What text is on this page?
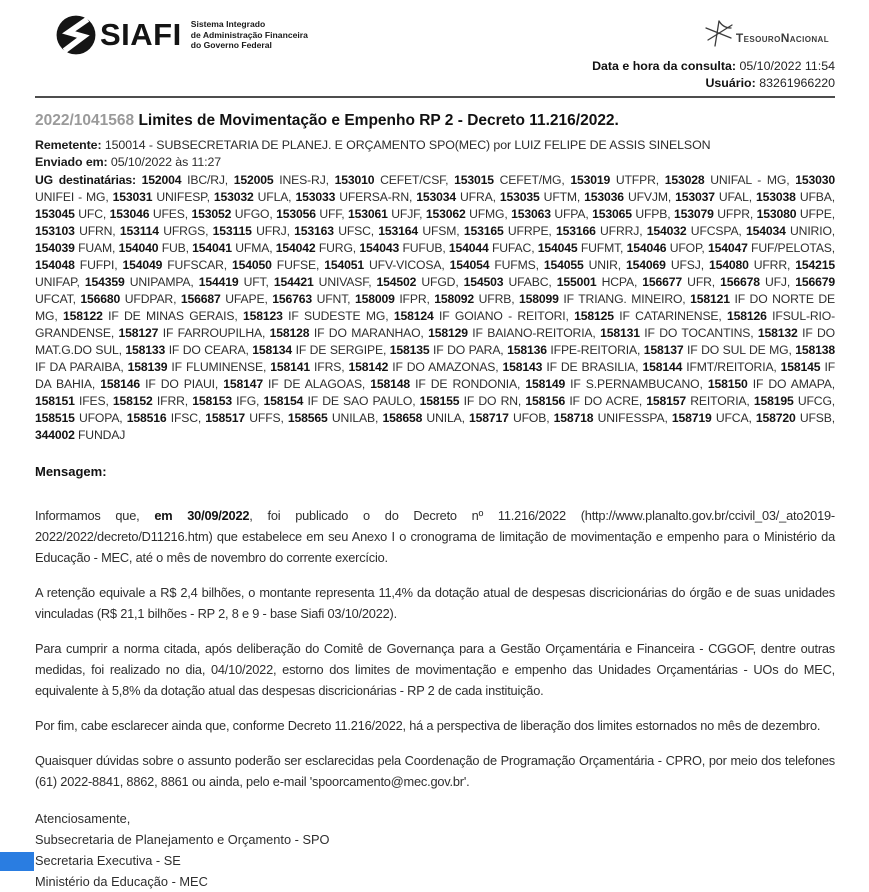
SIAFI Sistema Integrado
de Administração Financeira
do Governo Federal
TesouroNacional
Data e hora da consulta: 05/10/2022 11:54
Usuário: 83261966220
2022/1041568 Limites de Movimentação e Empenho RP 2 - Decreto 11.216/2022.

Remetente: 150014 - SUBSECRETARIA DE PLANEJ. E ORÇAMENTO SPO(MEC) por LUIZ FELIPE DE ASSIS SINELSON

Enviado em: 05/10/2022 às 11:27

UG destinatárias: 152004 IBC/RJ, 152005 INES-RJ, 153010 CEFET/CSF, 153015 CEFET/MG, 153019 UTFPR, 153028 UNIFAL - MG, 153030 UNIFEI - MG, 153031 UNIFESP, 153032 UFLA, 153033 UFERSA-RN, 153034 UFRA, 153035 UFTM, 153036 UFVJM, 153037 UFAL, 153038 UFBA, 153045 UFC, 153046 UFES, 153052 UFGO, 153056 UFF, 153061 UFJF, 153062 UFMG, 153063 UFPA, 153065 UFPB, 153079 UFPR, 153080 UFPE, 153103 UFRN, 153114 UFRGS, 153115 UFRJ, 153163 UFSC, 153164 UFSM, 153165 UFRPE, 153166 UFRRJ, 154032 UFCSPA, 154034 UNIRIO, 154039 FUAM, 154040 FUB, 154041 UFMA, 154042 FURG, 154043 FUFUB, 154044 FUFAC, 154045 FUFMT, 154046 UFOP, 154047 FUF/PELOTAS, 154048 FUFPI, 154049 FUFSCAR, 154050 FUFSE, 154051 UFV-VICOSA, 154054 FUFMS, 154055 UNIR, 154069 UFSJ, 154080 UFRR, 154215 UNIFAP, 154359 UNIPAMPA, 154419 UFT, 154421 UNIVASF, 154502 UFGD, 154503 UFABC, 155001 HCPA, 156677 UFR, 156678 UFJ, 156679 UFCAT, 156680 UFDPAR, 156687 UFAPE, 156763 UFNT, 158009 IFPR, 158092 UFRB, 158099 IF TRIANG. MINEIRO, 158121 IF DO NORTE DE MG, 158122 IF DE MINAS GERAIS, 158123 IF SUDESTE MG, 158124 IF GOIANO - REITORI, 158125 IF CATARINENSE, 158126 IFSUL-RIO-GRANDENSE, 158127 IF FARROUPILHA, 158128 IF DO MARANHAO, 158129 IF BAIANO-REITORIA, 158131 IF DO TOCANTINS, 158132 IF DO MAT.G.DO SUL, 158133 IF DO CEARA, 158134 IF DE SERGIPE, 158135 IF DO PARA, 158136 IFPE-REITORIA, 158137 IF DO SUL DE MG, 158138 IF DA PARAIBA, 158139 IF FLUMINENSE, 158141 IFRS, 158142 IF DO AMAZONAS, 158143 IF DE BRASILIA, 158144 IFMT/REITORIA, 158145 IF DA BAHIA, 158146 IF DO PIAUI, 158147 IF DE ALAGOAS, 158148 IF DE RONDONIA, 158149 IF S.PERNAMBUCANO, 158150 IF DO AMAPA, 158151 IFES, 158152 IFRR, 158153 IFG, 158154 IF DE SAO PAULO, 158155 IF DO RN, 158156 IF DO ACRE, 158157 REITORIA, 158195 UFCG, 158515 UFOPA, 158516 IFSC, 158517 UFFS, 158565 UNILAB, 158658 UNILA, 158717 UFOB, 158718 UNIFESSPA, 158719 UFCA, 158720 UFSB, 344002 FUNDAJ

Mensagem:

Informamos que, em 30/09/2022, foi publicado o do Decreto nº 11.216/2022 (http://www.planalto.gov.br/ccivil_03/_ato2019-2022/2022/decreto/D11216.htm) que estabelece em seu Anexo I o cronograma de limitação de movimentação e empenho para o Ministério da Educação - MEC, até o mês de novembro do corrente exercício.

A retenção equivale a R$ 2,4 bilhões, o montante representa 11,4% da dotação atual de despesas discricionárias do órgão e de suas unidades vinculadas (R$ 21,1 bilhões - RP 2, 8 e 9 - base Siafi 03/10/2022).

Para cumprir a norma citada, após deliberação do Comitê de Governança para a Gestão Orçamentária e Financeira - CGGOF, dentre outras medidas, foi realizado no dia, 04/10/2022, estorno dos limites de movimentação e empenho das Unidades Orçamentárias - UOs do MEC, equivalente à 5,8% da dotação atual das despesas discricionárias - RP 2 de cada instituição.

Por fim, cabe esclarecer ainda que, conforme Decreto 11.216/2022, há a perspectiva de liberação dos limites estornados no mês de dezembro.

Quaisquer dúvidas sobre o assunto poderão ser esclarecidas pela Coordenação de Programação Orçamentária - CPRO, por meio dos telefones (61) 2022-8841, 8862, 8861 ou ainda, pelo e-mail 'spoorcamento@mec.gov.br'.

Atenciosamente,

Subsecretaria de Planejamento e Orçamento - SPO
Secretaria Executiva - SE
Ministério da Educação - MEC
